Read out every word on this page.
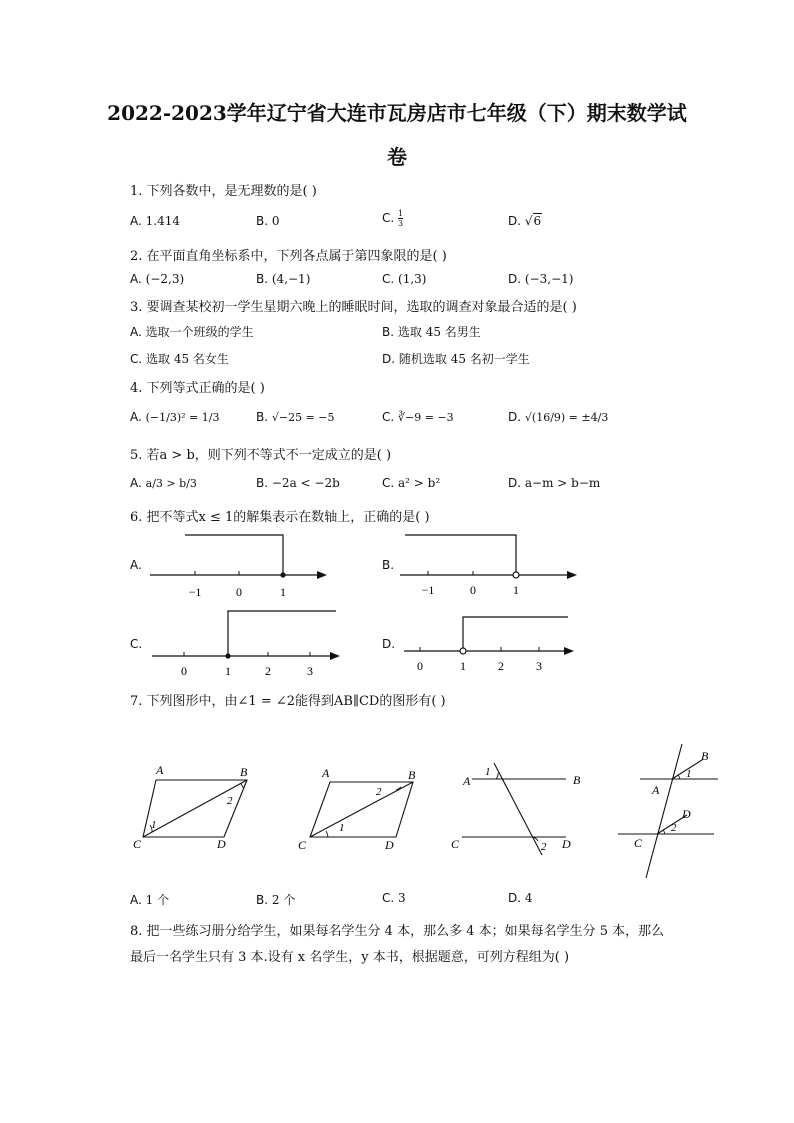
2022-2023学年辽宁省大连市瓦房店市七年级（下）期末数学试
卷
1. 下列各数中，是无理数的是( )
A. 1.414	B. 0	C. $\frac{1}{3}$	D. √6
2. 在平面直角坐标系中，下列各点属于第四象限的是( )
A. (−2,3)	B. (4,−1)	C. (1,3)	D. (−3,−1)
3. 要调查某校初一学生星期六晚上的睡眠时间，选取的调查对象最合适的是( )
A. 选取一个班级的学生	B. 选取 45 名男生
C. 选取 45 名女生	D. 随机选取 45 名初一学生
4. 下列等式正确的是( )
A. (−1/3)² = 1/3	B. √−25 = −5	C. ∛−9 = −3	D. √(16/9) = ±4/3
5. 若a > b，则下列不等式不一定成立的是( )
A. a/3 > b/3	B. −2a < −2b	C. a² > b²	D. a−m > b−m
6. 把不等式x ≤ 1的解集表示在数轴上，正确的是( )
A.
−1	0	1
B.
−1	0	1
C.
0	1	2	3
D.
0	1	2	3
7. 下列图形中，由∠1 = ∠2能得到AB∥CD的图形有( )
A	B
C	D
1
2
A	B
C	D
1
2
A	B
C	D
1
2
A
B
C
D
1
2
A. 1 个	B. 2 个	C. 3	D. 4
8. 把一些练习册分给学生，如果每名学生分 4 本，那么多 4 本；如果每名学生分 5 本，那么
最后一名学生只有 3 本.设有 x 名学生，y 本书，根据题意，可列方程组为( )
